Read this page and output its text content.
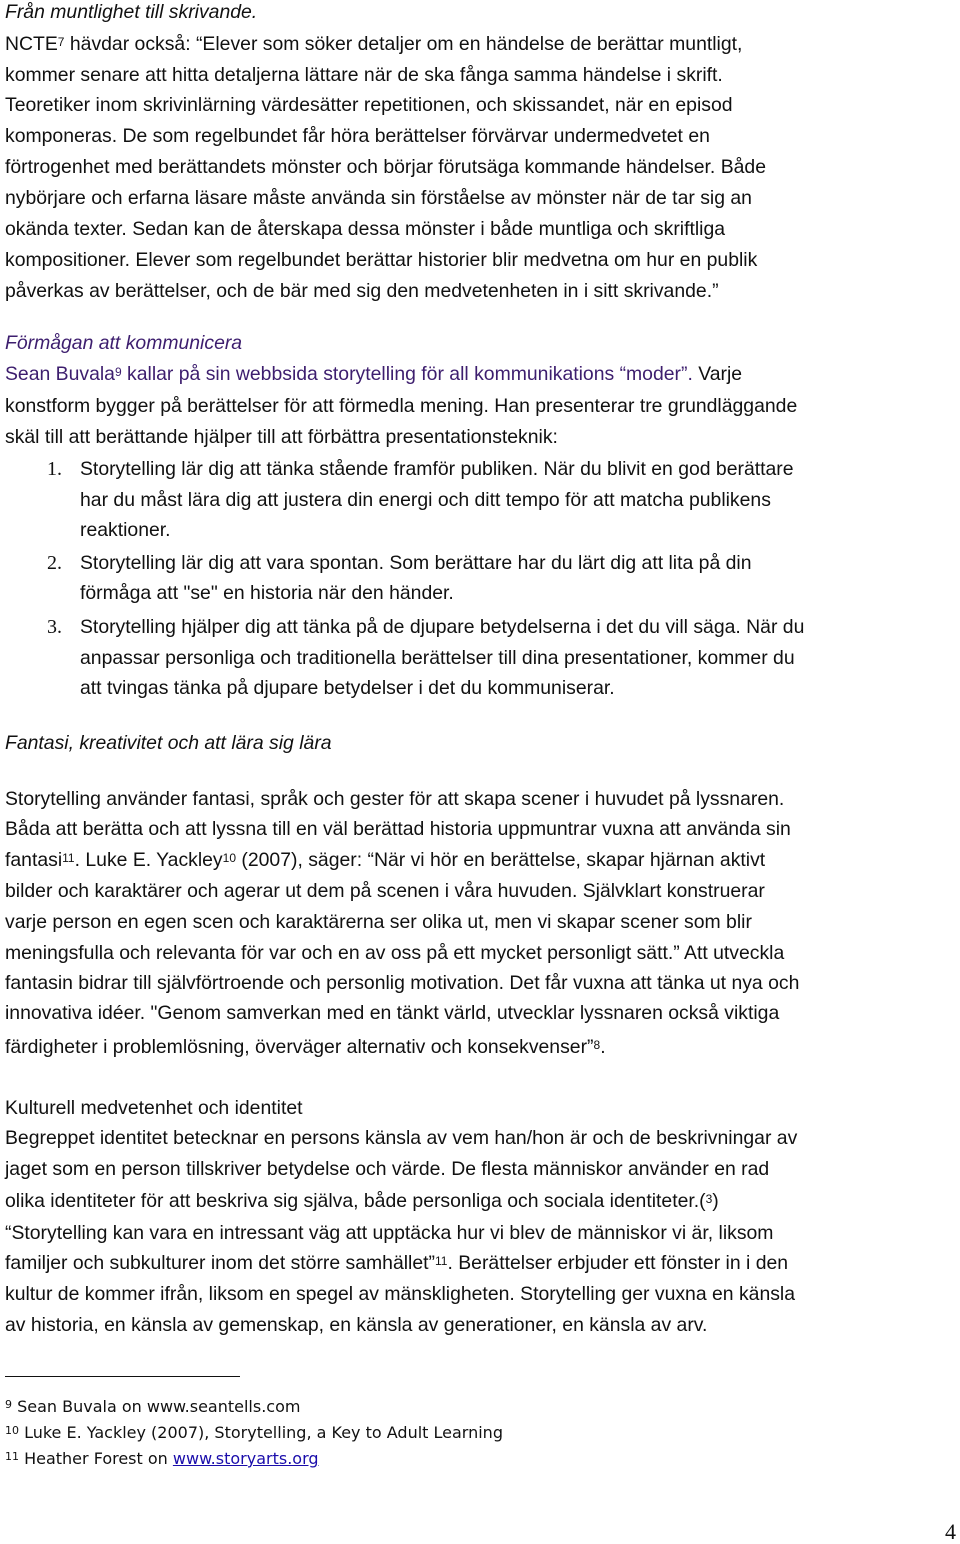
Från muntlighet till skrivande.
NCTE$^7$ hävdar också: “Elever som söker detaljer om en händelse de berättar muntligt,
kommer senare att hitta detaljerna lättare när de ska fånga samma händelse i skrift.
Teoretiker inom skrivinlärning värdesätter repetitionen, och skissandet, när en episod
komponeras. De som regelbundet får höra berättelser förvärvar undermedvetet en
förtrogenhet med berättandets mönster och börjar förutsäga kommande händelser. Både
nybörjare och erfarna läsare måste använda sin förståelse av mönster när de tar sig an
okända texter. Sedan kan de återskapa dessa mönster i både muntliga och skriftliga
kompositioner. Elever som regelbundet berättar historier blir medvetna om hur en publik
påverkas av berättelser, och de bär med sig den medvetenheten in i sitt skrivande.”
Förmågan att kommunicera
Sean Buvala$^9$ kallar på sin webbsida storytelling för all kommunikations “moder”. Varje
konstform bygger på berättelser för att förmedla mening. Han presenterar tre grundläggande
skäl till att berättande hjälper till att förbättra presentationsteknik:
1. Storytelling lär dig att tänka stående framför publiken. När du blivit en god berättare
har du måst lära dig att justera din energi och ditt tempo för att matcha publikens
reaktioner.
2. Storytelling lär dig att vara spontan. Som berättare har du lärt dig att lita på din
förmåga att "se" en historia när den händer.
3. Storytelling hjälper dig att tänka på de djupare betydelserna i det du vill säga. När du
anpassar personliga och traditionella berättelser till dina presentationer, kommer du
att tvingas tänka på djupare betydelser i det du kommuniserar.
Fantasi, kreativitet och att lära sig lära
Storytelling använder fantasi, språk och gester för att skapa scener i huvudet på lyssnaren.
Båda att berätta och att lyssna till en väl berättad historia uppmuntrar vuxna att använda sin
fantasi$^{11}$. Luke E. Yackley$^{10}$ (2007), säger: “När vi hör en berättelse, skapar hjärnan aktivt
bilder och karaktärer och agerar ut dem på scenen i våra huvuden. Självklart konstruerar
varje person en egen scen och karaktärerna ser olika ut, men vi skapar scener som blir
meningsfulla och relevanta för var och en av oss på ett mycket personligt sätt.” Att utveckla
fantasin bidrar till självförtroende och personlig motivation. Det får vuxna att tänka ut nya och
innovativa idéer. "Genom samverkan med en tänkt värld, utvecklar lyssnaren också viktiga
färdigheter i problemlösning, överväger alternativ och konsekvenser”$^8$.
Kulturell medvetenhet och identitet
Begreppet identitet betecknar en persons känsla av vem han/hon är och de beskrivningar av
jaget som en person tillskriver betydelse och värde. De flesta människor använder en rad
olika identiteter för att beskriva sig själva, både personliga och sociala identiteter.($^3$)
“Storytelling kan vara en intressant väg att upptäcka hur vi blev de människor vi är, liksom
familjer och subkulturer inom det större samhället”$^{11}$. Berättelser erbjuder ett fönster in i den
kultur de kommer ifrån, liksom en spegel av mänskligheten. Storytelling ger vuxna en känsla
av historia, en känsla av gemenskap, en känsla av generationer, en känsla av arv.
$^9$ Sean Buvala on www.seantells.com
$^{10}$ Luke E. Yackley (2007), Storytelling, a Key to Adult Learning
$^{11}$ Heather Forest on www.storyarts.org
4
